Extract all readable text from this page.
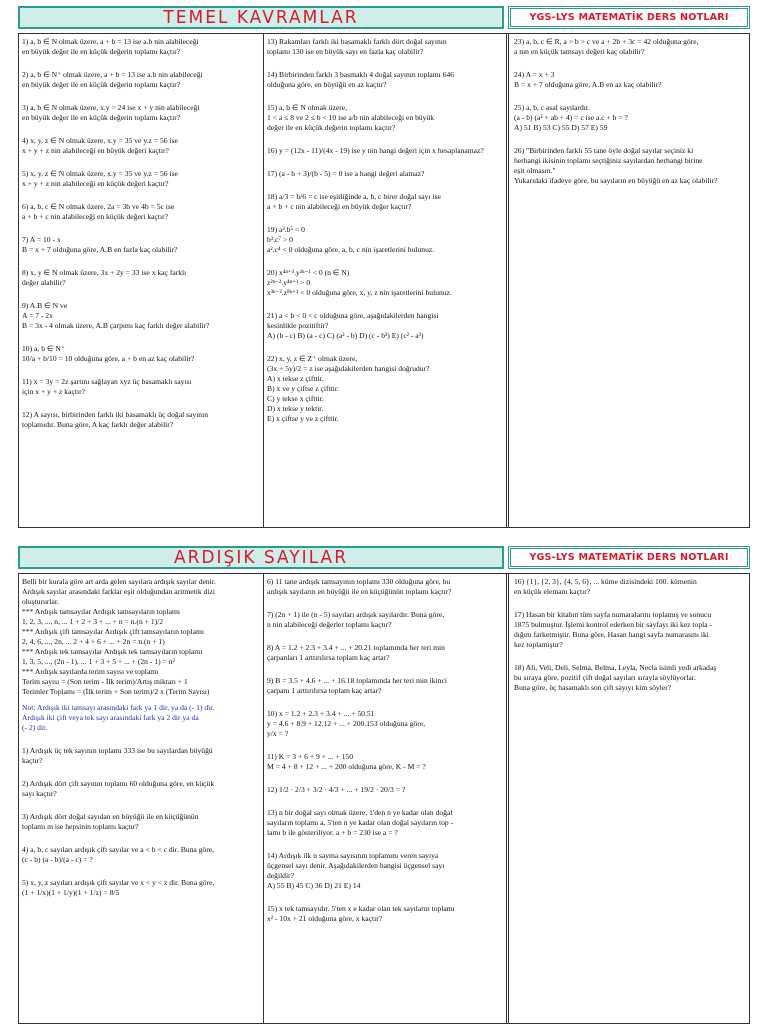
TEMEL KAVRAMLAR	YGS-LYS MATEMATİK DERS NOTLARI
1) a, b ∈ N olmak üzere, a + b = 13 ise a.b nin alabileceği
en büyük değer ile en küçük değerin toplamı kaçtır?
2) a, b ∈ N⁺ olmak üzere, a + b = 13 ise a.b nin alabileceği
en büyük değer ile en küçük değerin toplamı kaçtır?
3) a, b ∈ N olmak üzere, x.y = 24 ise x + y nin alabileceği
en büyük değer ile en küçük değerin toplamı kaçtır?
4) x, y, z ∈ N olmak üzere, x.y = 35 ve y.z = 56 ise
x + y + z nin alabileceği en büyük değeri kaçtır?
5) x, y, z ∈ N olmak üzere, x.y = 35 ve y.z = 56 ise
x + y + z nin alabileceği en küçük değeri kaçtır?
6) a, b, c ∈ N olmak üzere, 2a = 3b ve 4b = 5c ise
a + b + c nin alabileceği en küçük değeri kaçtır?
7) A = 10 - x
B = x + 7 olduğuna göre, A.B en fazla kaç olabilir?
8) x, y ∈ N olmak üzere, 3x + 2y = 33 ise x kaç farklı
değer alabilir?
9) A.B ∈ N ve
A = 7 - 2x
B = 3x - 4 olmak üzere, A.B çarpımı kaç farklı değer alabilir?
10) a, b ∈ N⁺
10/a + b/10 = 10 olduğuna göre, a + b en az kaç olabilir?
11) x = 3y = 2z şartını sağlayan xyz üç basamaklı sayısı
için x + y + z kaçtır?
12) A sayısı, birbirinden farklı iki basamaklı üç doğal sayının
toplamıdır. Buna göre, A kaç farklı değer alabilir?
13) Rakamları farklı iki basamaklı farklı dört doğal sayının
toplamı 130 ise en büyük sayı en fazla kaç olabilir?
14) Birbirinden farklı 3 basmaklı 4 doğal sayının toplamı 646
olduğuna göre, en büyüğü en az kaçtır?
15) a, b ∈ N olmak üzere,
1 < a ≤ 8 ve 2 ≤ b < 10 ise a/b nin alabileceği en büyük
değer ile en küçük değerin toplamı kaçtır?
16) y = (12x - 11)/(4x - 19) ise y nin hangi değeri için x hesaplanamaz?
17) (a - b + 3)/(b - 5) = 0 ise a hangi değeri alamaz?
18) a/3 = b/6 = c ise eşitliğinde a, b, c birer doğal sayı ise
a + b + c nin alabileceği en büyük değer kaçtır?
19) a³.b⁵ < 0
b³.c⁷ > 0
a².c⁴ < 0 olduğuna göre, a, b, c nin işaretlerini bulunuz.
20) x⁴ⁿ⁺³.y²ⁿ⁻¹ < 0 (n ∈ N)
z²ⁿ⁻².y⁴ⁿ⁺¹ > 0
x³ⁿ⁻².z⁸ⁿ⁺¹ < 0 olduğuna göre, x, y, z nin işaretlerini bulunuz.
21) a < b < 0 < c olduğuna göre, aşağıdakilerden hangisi
kesinlikle pozitiftir?
A) (b - c) B) (a - c) C) (a² - b) D) (c - b³) E) (c² - a³)
22) x, y, z ∈ Z⁺ olmak üzere,
(3x + 5y)/2 = z ise aşağıdakilerden hangisi doğrudur?
A) x tekse z çifttir.
B) x ve y çiftse z çifttir.
C) y tekse x çifttir.
D) x tekse y tektir.
E) x çiftse y ve z çifttir.
23) a, b, c ∈ R, a > b > c ve a + 2b + 3c = 42 olduğuna göre,
a nın en küçük tamsayı değeri kaç olabilir?
24) A = x + 3
B = x + 7 olduğuna göre, A.B en az kaç olabilir?
25) a, b, c asal sayılardır.
(a - b) (a² + ab + 4) = c ise a.c + b = ?
A) 51 B) 53 C) 55 D) 57 E) 59
26) "Birbirinden farklı 55 tane öyle doğal sayılar seçiniz ki
herhangi ikisinin toplamı seçtiğiniz sayılardan herhangi birine
eşit olmasın."
Yukarıdaki ifadeye göre, bu sayıların en büyüğü en az kaç olabilir?
ARDIŞIK SAYILAR	YGS-LYS MATEMATİK DERS NOTLARI
Belli bir kurala göre art arda gelen sayılara ardışık sayılar denir.
Ardışık sayılar arasındaki farklar eşit olduğundan aritmetik dizi
oluştururlar.
*** Ardışık tamsayılar Ardışık tamsayıların toplamı
1, 2, 3, ..., n, ... 1 + 2 + 3 + ... + n = n.(n + 1)/2
*** Ardışık çift tamsayılar Ardışık çift tamsayıların toplamı
2, 4, 6, ..., 2n, ... 2 + 4 + 6 + ... + 2n = n.(n + 1)
*** Ardışık tek tamsayılar Ardışık tek tamsayıların toplamı
1, 3, 5, ..., (2n - 1), ... 1 + 3 + 5 + ... + (2n - 1) = n²
*** Ardışık sayılarda terim sayısı ve toplamı
Terim sayısı = (Son terim - İlk terim)/Artış miktarı + 1
Terimler Toplamı = (İlk terim + Son terim)/2 x (Terim Sayısı)
Not: Ardışık iki tamsayı arasındaki fark ya 1 dir, ya da (- 1) dir.
Ardışık iki çift veya tek sayı arasındaki fark ya 2 dir ya da
(- 2) dir.
1) Ardışık üç tek sayının toplamı 333 ise bu sayılardan büyüğü
kaçtır?
2) Ardışık dört çift sayının toplamı 60 olduğuna göre, en küçük
sayı kaçtır?
3) Ardışık dört doğal sayıdan en büyüğü ile en küçüğünün
toplamı m ise hepsinin toplamı kaçtır?
4) a, b, c sayıları ardışık çift sayılar ve a < b < c dir. Buna göre,
(c - b) (a - b)/(a - c) = ?
5) x, y, z sayıları ardışık çift sayılar ve x < y < z dir. Buna göre,
(1 + 1/x)(1 + 1/y)(1 + 1/z) = 8/5
6) 11 tane ardışık tamsayının toplamı 330 olduğuna göre, bu
ardışık sayıların en büyüğü ile en küçüğünün toplamı kaçtır?
7) (2n + 1) ile (n - 5) sayıları ardışık sayılardır. Buna göre,
n nin alabileceği değerler toplamı kaçtır?
8) A = 1.2 + 2.3 + 3.4 + ... + 20.21 toplamında her teri min
çarpanları 1 arttırılırsa toplam kaç artar?
9) B = 3.5 + 4.6 + ... + 16.18 toplamında her teri min ikinci
çarpanı 1 arttırılırsa toplam kaç artar?
10) x = 1.2 + 2.3 + 3.4 + ... + 50.51
y = 4.6 + 8.9 + 12.12 + ... + 200.153 olduğuna göre,
y/x = ?
11) K = 3 + 6 + 9 + ... + 150
M = 4 + 8 + 12 + ... + 200 olduğuna göre, K - M = ?
12) 1/2 · 2/3 + 3/2 · 4/3 + ... + 19/2 · 20/3 = ?
13) n bir doğal sayı olmak üzere, 1'den n ye kadar olan doğal
sayıların toplamı a, 5'ten n ye kadar olan doğal sayıların top -
lamı b ile gösteriliyor. a + b = 230 ise a = ?
14) Ardışık ilk n sayma sayısının toplamını veren sayıya
üçgensel sayı denir. Aşağıdakilerden hangisi üçgensel sayı
değildir?
A) 55 B) 45 C) 36 D) 21 E) 14
15) x tek tamsayıdır. 5'ten x e kadar olan tek sayıların toplamı
x² - 10x + 21 olduğuna göre, x kaçtır?
16) {1}, {2, 3}, {4, 5, 6}, ... küme dizisindeki 100. kümenin
en küçük elemanı kaçtır?
17) Hasan bir kitabın tüm sayfa numaralarını toplamış ve sonucu
1875 bulmuştur. İşlemi kontrol ederken bir sayfayı iki kez topla -
dığını farketmiştir. Buna göre, Hasan hangi sayfa numarasını iki
kez toplamıştır?
18) Ali, Veli, Deli, Selma, Belma, Leyla, Necla isimli yedi arkadaş
bu sıraya göre, pozitif çift doğal sayıları sırayla söylüyorlar.
Buna göre, üç basamaklı son çift sayıyı kim söyler?
